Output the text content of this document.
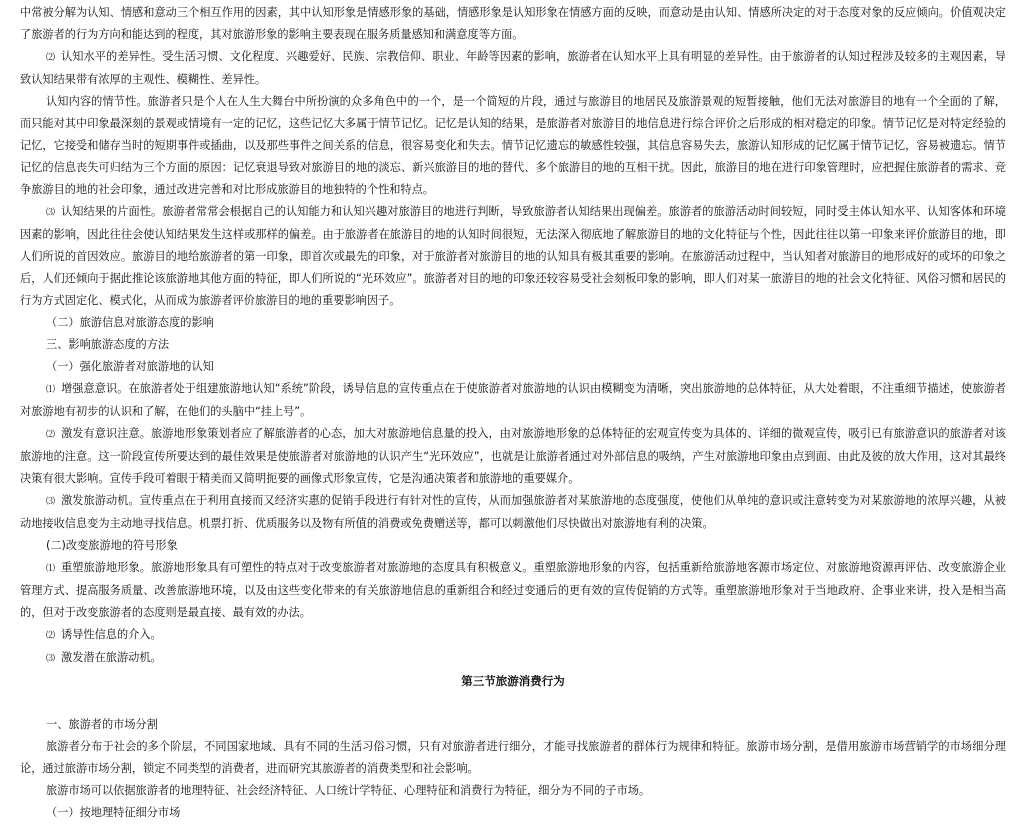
中常被分解为认知、情感和意动三个相互作用的因素，其中认知形象是情感形象的基础，情感形象是认知形象在情感方面的反映，而意动是由认知、情感所决定的对于态度对象的反应倾向。价值观决定了旅游者的行为方向和能达到的程度，其对旅游形象的影响主要表现在服务质量感知和满意度等方面。

⑵ 认知水平的差异性。受生活习惯、文化程度、兴趣爱好、民族、宗教信仰、职业、年龄等因素的影响，旅游者在认知水平上具有明显的差异性。由于旅游者的认知过程涉及较多的主观因素，导致认知结果带有浓厚的主观性、模糊性、差异性。

认知内容的情节性。旅游者只是个人在人生大舞台中所扮演的众多角色中的一个，是一个简短的片段，通过与旅游目的地居民及旅游景观的短暂接触，他们无法对旅游目的地有一个全面的了解，而只能对其中印象最深刻的景观或情境有一定的记忆，这些记忆大多属于情节记忆。记忆是认知的结果，是旅游者对旅游目的地信息进行综合评价之后形成的相对稳定的印象。情节记忆是对特定经验的记忆，它接受和储存当时的短期事件或插曲，以及那些事件之间关系的信息，很容易变化和失去。情节记忆遗忘的敏感性较强，其信息容易失去，旅游认知形成的记忆属于情节记忆，容易被遗忘。情节记忆的信息丧失可归结为三个方面的原因：记忆衰退导致对旅游目的地的淡忘、新兴旅游目的地的替代、多个旅游目的地的互相干扰。因此，旅游目的地在进行印象管理时，应把握住旅游者的需求、竞争旅游目的地的社会印象，通过改进完善和对比形成旅游目的地独特的个性和特点。

⑶ 认知结果的片面性。旅游者常常会根据自己的认知能力和认知兴趣对旅游目的地进行判断，导致旅游者认知结果出现偏差。旅游者的旅游活动时间较短，同时受主体认知水平、认知客体和环境因素的影响，因此往往会使认知结果发生这样或那样的偏差。由于旅游者在旅游目的地的认知时间很短，无法深入彻底地了解旅游目的地的文化特征与个性，因此往往以第一印象来评价旅游目的地，即人们所说的首因效应。旅游目的地给旅游者的第一印象，即首次或最先的印象，对于旅游者对旅游目的地的认知具有极其重要的影响。在旅游活动过程中，当认知者对旅游目的地形成好的或坏的印象之后，人们还倾向于据此推论该旅游地其他方面的特征，即人们所说的“光环效应”。旅游者对目的地的印象还较容易受社会刻板印象的影响，即人们对某一旅游目的地的社会文化特征、风俗习惯和居民的行为方式固定化、模式化，从而成为旅游者评价旅游目的地的重要影响因子。

（二）旅游信息对旅游态度的影响

三、影响旅游态度的方法

（一）强化旅游者对旅游地的认知

⑴ 增强意意识。在旅游者处于组建旅游地认知“系统”阶段，诱导信息的宣传重点在于使旅游者对旅游地的认识由模糊变为清晰，突出旅游地的总体特征，从大处着眼，不注重细节描述，使旅游者对旅游地有初步的认识和了解，在他们的头脑中“挂上号”。

⑵ 激发有意识注意。旅游地形象策划者应了解旅游者的心态，加大对旅游地信息量的投入，由对旅游地形象的总体特征的宏观宣传变为具体的、详细的微观宣传，吸引已有旅游意识的旅游者对该旅游地的注意。这一阶段宣传所要达到的最佳效果是使旅游者对旅游地的认识产生“光环效应”，也就是让旅游者通过对外部信息的吸纳，产生对旅游地印象由点到面、由此及彼的放大作用，这对其最终决策有很大影响。宣传手段可着眼于精美而又简明扼要的画像式形象宣传，它是沟通决策者和旅游地的重要媒介。

⑶ 激发旅游动机。宣传重点在于利用直接而又经济实惠的促销手段进行有针对性的宣传，从而加强旅游者对某旅游地的态度强度，使他们从单纯的意识或注意转变为对某旅游地的浓厚兴趣，从被动地接收信息变为主动地寻找信息。机票打折、优质服务以及物有所值的消费或免费赠送等，都可以刺激他们尽快做出对旅游地有利的决策。

(二)改变旅游地的符号形象

⑴ 重塑旅游地形象。旅游地形象具有可塑性的特点对于改变旅游者对旅游地的态度具有积极意义。重塑旅游地形象的内容，包括重新给旅游地客源市场定位、对旅游地资源再评估、改变旅游企业管理方式、提高服务质量、改善旅游地环境，以及由这些变化带来的有关旅游地信息的重新组合和经过变通后的更有效的宣传促销的方式等。重塑旅游地形象对于当地政府、企事业来讲，投入是相当高的，但对于改变旅游者的态度则是最直接、最有效的办法。

⑵ 诱导性信息的介入。

⑶ 激发潜在旅游动机。

第三节旅游消费行为

一、旅游者的市场分割

旅游者分布于社会的多个阶层，不同国家地域、具有不同的生活习俗习惯，只有对旅游者进行细分，才能寻找旅游者的群体行为规律和特征。旅游市场分割，是借用旅游市场营销学的市场细分理论，通过旅游市场分割，锁定不同类型的消费者，进而研究其旅游者的消费类型和社会影响。

旅游市场可以依据旅游者的地理特征、社会经济特征、人口统计学特征、心理特征和消费行为特征，细分为不同的子市场。

（一）按地理特征细分市场
